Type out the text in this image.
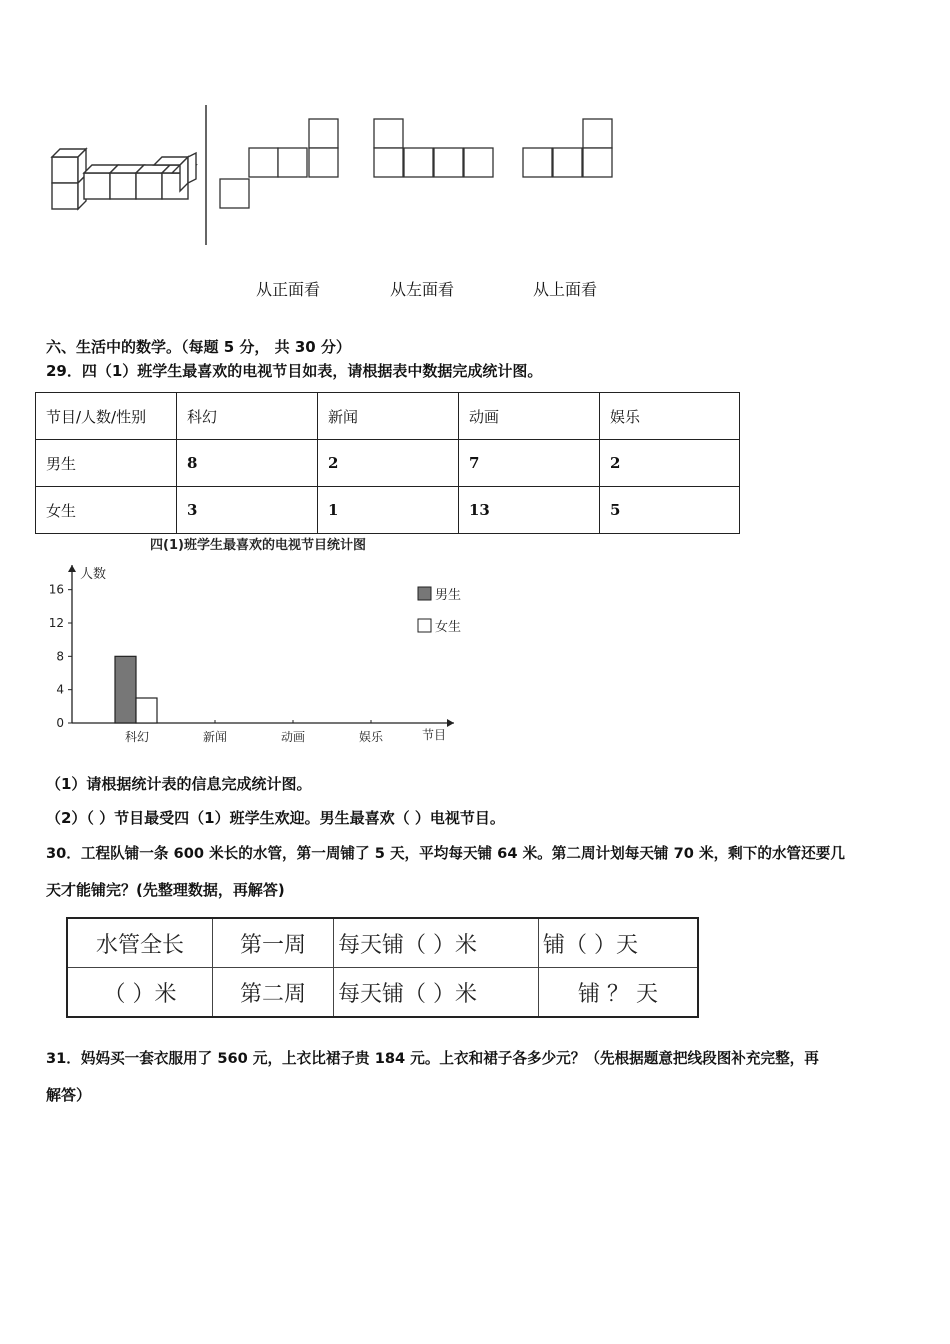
从正面看	从左面看	从上面看
六、生活中的数学。（每题 5 分， 共 30 分）
29．四（1）班学生最喜欢的电视节目如表，请根据表中数据完成统计图。
节目/人数/性别	科幻	新闻	动画	娱乐
男生	8	2	7	2
女生	3	1	13	5
四(1)班学生最喜欢的电视节目统计图
人数
节目
0
4
8
12
16
科幻	新闻	动画	娱乐
男生
女生
（1）请根据统计表的信息完成统计图。
（2）（ ）节目最受四（1）班学生欢迎。男生最喜欢（ ）电视节目。
30．工程队铺一条 600 米长的水管，第一周铺了 5 天，平均每天铺 64 米。第二周计划每天铺 70 米，剩下的水管还要几
天才能铺完？(先整理数据，再解答)
水管全长	第一周	每天铺（ ）米	铺（ ）天
（ ）米	第二周	每天铺（ ）米	铺 ？ 天
31．妈妈买一套衣服用了 560 元，上衣比裙子贵 184 元。上衣和裙子各多少元？（先根据题意把线段图补充完整，再
解答）
